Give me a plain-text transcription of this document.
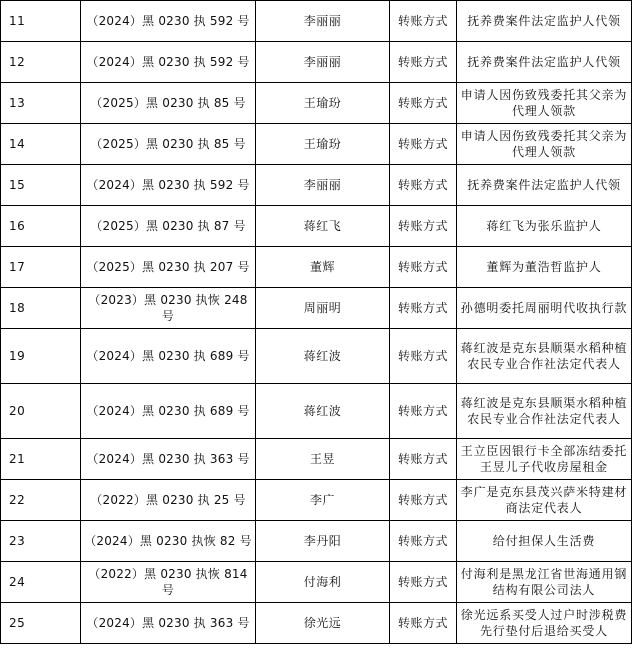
11	（2024）黑 0230 执 592 号	李丽丽	转账方式	抚养费案件法定监护人代领
12	（2024）黑 0230 执 592 号	李丽丽	转账方式	抚养费案件法定监护人代领
13	（2025）黑 0230 执 85 号	王瑜玢	转账方式	申请人因伤致残委托其父亲为代理人领款
14	（2025）黑 0230 执 85 号	王瑜玢	转账方式	申请人因伤致残委托其父亲为代理人领款
15	（2024）黑 0230 执 592 号	李丽丽	转账方式	抚养费案件法定监护人代领
16	（2025）黑 0230 执 87 号	蒋红飞	转账方式	蒋红飞为张乐监护人
17	（2025）黑 0230 执 207 号	董辉	转账方式	董辉为董浩哲监护人
18	（2023）黑 0230 执恢 248 号	周丽明	转账方式	孙德明委托周丽明代收执行款
19	（2024）黑 0230 执 689 号	蒋红波	转账方式	蒋红波是克东县顺渠水稻种植农民专业合作社法定代表人
20	（2024）黑 0230 执 689 号	蒋红波	转账方式	蒋红波是克东县顺渠水稻种植农民专业合作社法定代表人
21	（2024）黑 0230 执 363 号	王昱	转账方式	王立臣因银行卡全部冻结委托王昱儿子代收房屋租金
22	（2022）黑 0230 执 25 号	李广	转账方式	李广是克东县茂兴萨米特建材商法定代表人
23	（2024）黑 0230 执恢 82 号	李丹阳	转账方式	给付担保人生活费
24	（2022）黑 0230 执恢 814 号	付海利	转账方式	付海利是黑龙江省世海通用钢结构有限公司法人
25	（2024）黑 0230 执 363 号	徐光远	转账方式	徐光远系买受人过户时涉税费先行垫付后退给买受人
